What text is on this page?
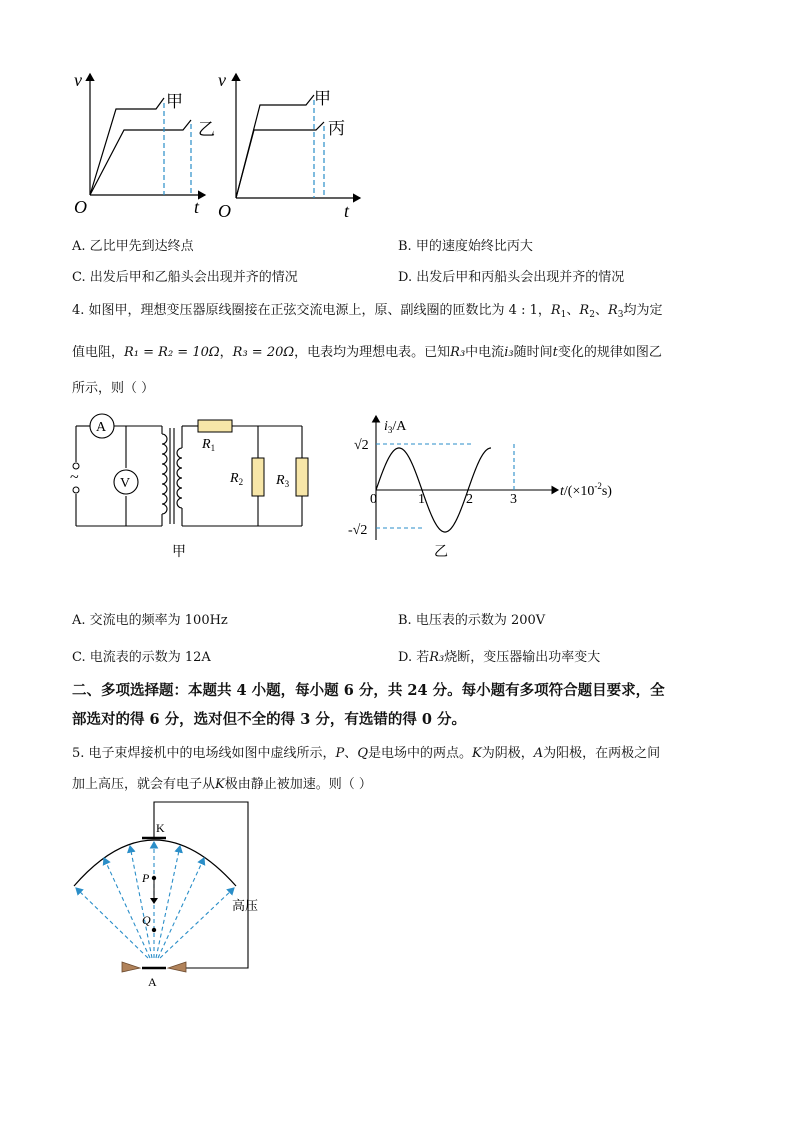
v
t
O
甲
乙
v
t
O
甲
丙
A. 乙比甲先到达终点	B. 甲的速度始终比丙大
C. 出发后甲和乙船头会出现并齐的情况	D. 出发后甲和丙船头会出现并齐的情况
4. 如图甲，理想变压器原线圈接在正弦交流电源上，原、副线圈的匝数比为 4 : 1，$R_1$、$R_2$、$R_3$均为定
值电阻，R₁ = R₂ = 10Ω，R₃ = 20Ω，电表均为理想电表。已知R₃中电流i₃随时间t变化的规律如图乙
所示，则（ ）
~
A
V
$R_1$
$R_2$ $R_3$
甲
$i_3/A$
√2
-√2
0	1	2	3
$t/(\times 10^{-2}s)$
乙
A. 交流电的频率为 100Hz	B. 电压表的示数为 200V
C. 电流表的示数为 12A	D. 若R₃烧断，变压器输出功率变大
二、多项选择题：本题共 4 小题，每小题 6 分，共 24 分。每小题有多项符合题目要求，全
部选对的得 6 分，选对但不全的得 3 分，有选错的得 0 分。
5. 电子束焊接机中的电场线如图中虚线所示，P、Q是电场中的两点。K为阴极，A为阳极，在两极之间
加上高压，就会有电子从K极由静止被加速。则（ ）
K
高压
A
P
Q
